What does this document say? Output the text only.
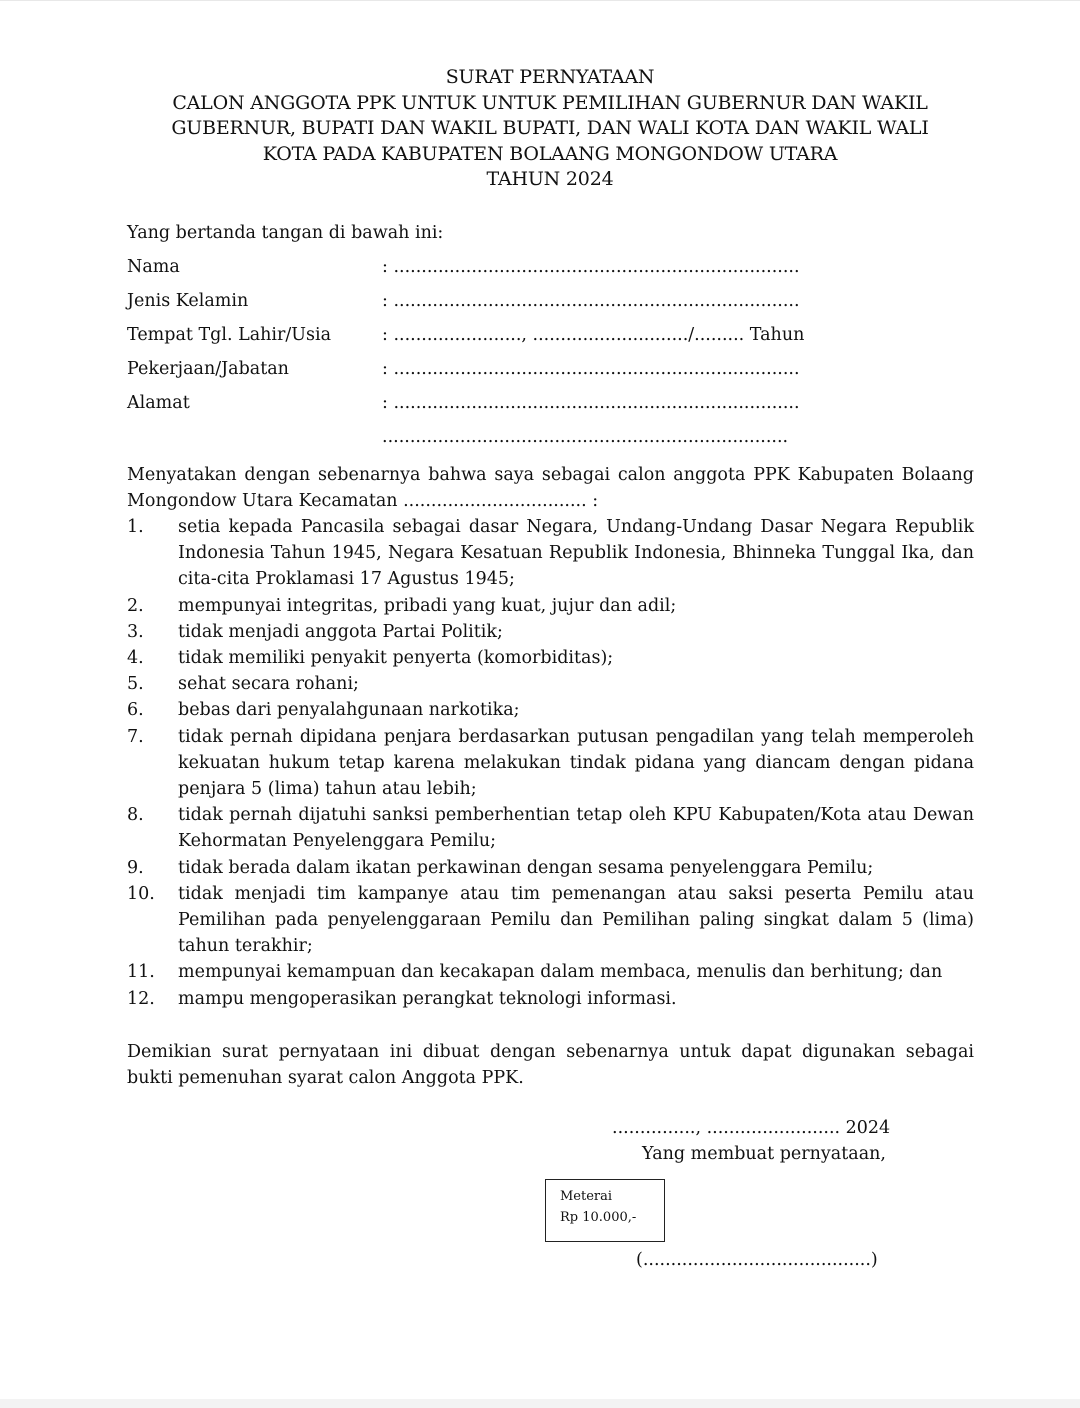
SURAT PERNYATAAN
CALON ANGGOTA PPK UNTUK UNTUK PEMILIHAN GUBERNUR DAN WAKIL
GUBERNUR, BUPATI DAN WAKIL BUPATI, DAN WALI KOTA DAN WAKIL WALI
KOTA PADA KABUPATEN BOLAANG MONGONDOW UTARA
TAHUN 2024
Yang bertanda tangan di bawah ini:
Nama	: .........................................................................
Jenis Kelamin	: .........................................................................
Tempat Tgl. Lahir/Usia	: ......................., ............................/......... Tahun
Pekerjaan/Jabatan	: .........................................................................
Alamat	: .........................................................................
.........................................................................
Menyatakan dengan sebenarnya bahwa saya sebagai calon anggota PPK Kabupaten Bolaang Mongondow Utara Kecamatan ................................. :
1.	setia kepada Pancasila sebagai dasar Negara, Undang-Undang Dasar Negara Republik Indonesia Tahun 1945, Negara Kesatuan Republik Indonesia, Bhinneka Tunggal Ika, dan cita-cita Proklamasi 17 Agustus 1945;
2.	mempunyai integritas, pribadi yang kuat, jujur dan adil;
3.	tidak menjadi anggota Partai Politik;
4.	tidak memiliki penyakit penyerta (komorbiditas);
5.	sehat secara rohani;
6.	bebas dari penyalahgunaan narkotika;
7.	tidak pernah dipidana penjara berdasarkan putusan pengadilan yang telah memperoleh kekuatan hukum tetap karena melakukan tindak pidana yang diancam dengan pidana penjara 5 (lima) tahun atau lebih;
8.	tidak pernah dijatuhi sanksi pemberhentian tetap oleh KPU Kabupaten/Kota atau Dewan Kehormatan Penyelenggara Pemilu;
9.	tidak berada dalam ikatan perkawinan dengan sesama penyelenggara Pemilu;
10.	tidak menjadi tim kampanye atau tim pemenangan atau saksi peserta Pemilu atau Pemilihan pada penyelenggaraan Pemilu dan Pemilihan paling singkat dalam 5 (lima) tahun terakhir;
11.	mempunyai kemampuan dan kecakapan dalam membaca, menulis dan berhitung; dan
12.	mampu mengoperasikan perangkat teknologi informasi.
Demikian surat pernyataan ini dibuat dengan sebenarnya untuk dapat digunakan sebagai bukti pemenuhan syarat calon Anggota PPK.
..............., ........................ 2024
Yang membuat pernyataan,
Meterai
Rp 10.000,-
(.........................................)
